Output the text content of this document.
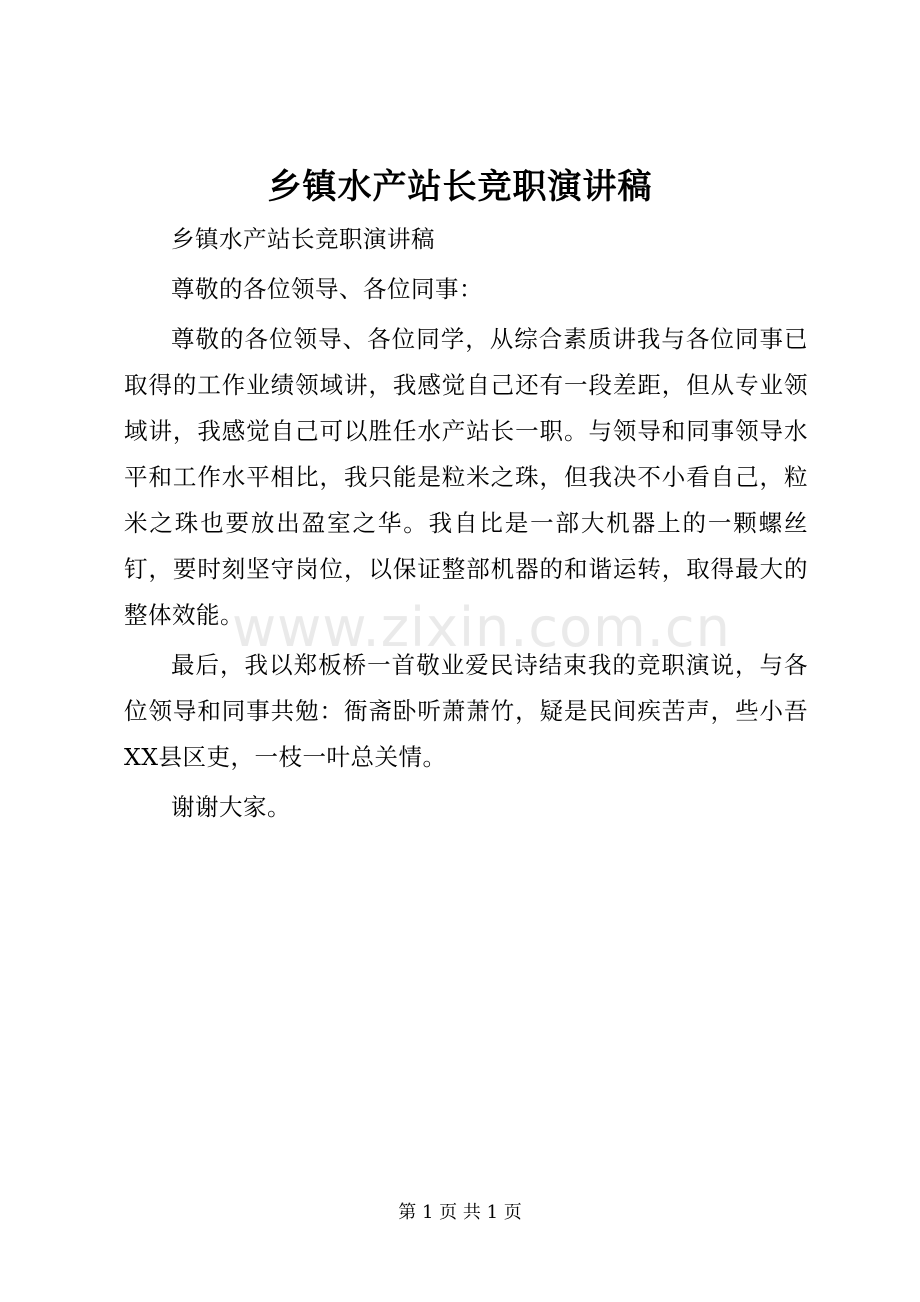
乡镇水产站长竞职演讲稿

乡镇水产站长竞职演讲稿

尊敬的各位领导、各位同事：

尊敬的各位领导、各位同学，从综合素质讲我与各位同事已取得的工作业绩领域讲，我感觉自己还有一段差距，但从专业领域讲，我感觉自己可以胜任水产站长一职。与领导和同事领导水平和工作水平相比，我只能是粒米之珠，但我决不小看自己，粒米之珠也要放出盈室之华。我自比是一部大机器上的一颗螺丝钉，要时刻坚守岗位，以保证整部机器的和谐运转，取得最大的整体效能。

最后，我以郑板桥一首敬业爱民诗结束我的竞职演说，与各位领导和同事共勉：衙斋卧听萧萧竹，疑是民间疾苦声，些小吾XX县区吏，一枝一叶总关情。

谢谢大家。

www.zixin.com.cn
第 1 页 共 1 页
